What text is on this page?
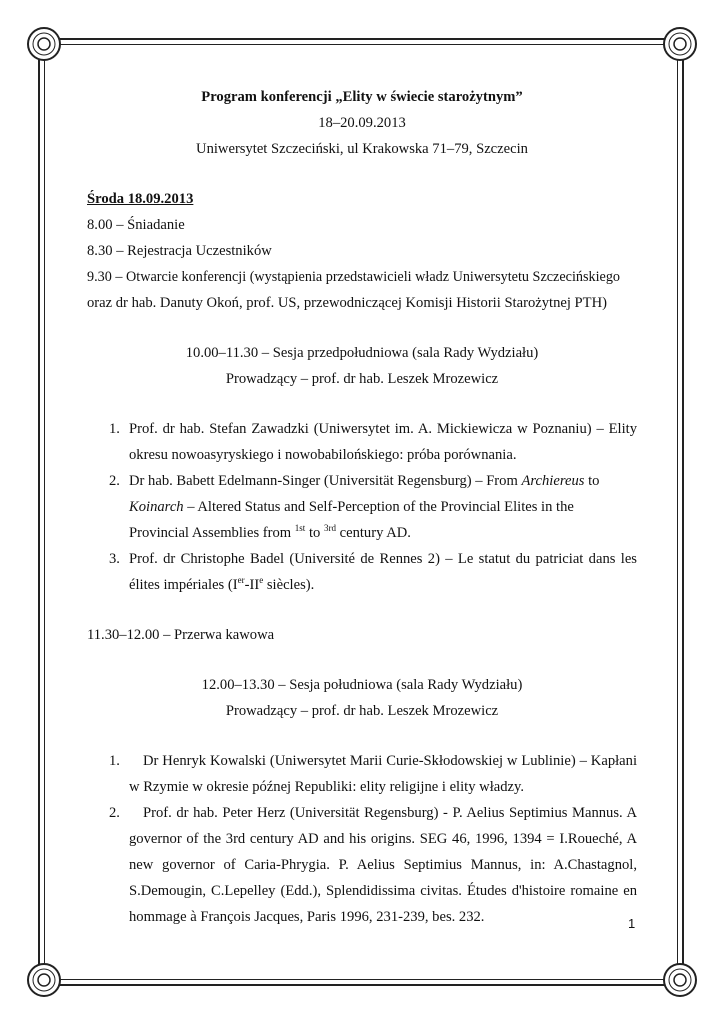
Program konferencji „Elity w świecie starożytnym”

18–20.09.2013

Uniwersytet Szczeciński, ul Krakowska 71–79, Szczecin

Środa 18.09.2013

8.00 – Śniadanie

8.30 – Rejestracja Uczestników

9.30 – Otwarcie konferencji (wystąpienia przedstawicieli władz Uniwersytetu Szczecińskiego

oraz dr hab. Danuty Okoń, prof. US, przewodniczącej Komisji Historii Starożytnej PTH)

10.00–11.30 – Sesja przedpołudniowa (sala Rady Wydziału)

Prowadzący – prof. dr hab. Leszek Mrozewicz

1. Prof. dr hab. Stefan Zawadzki (Uniwersytet im. A. Mickiewicza w Poznaniu) – Elity okresu nowoasyryskiego i nowobabilońskiego: próba porównania.
2. Dr hab. Babett Edelmann-Singer (Universität Regensburg) – From Archiereus to Koinarch – Altered Status and Self-Perception of the Provincial Elites in the Provincial Assemblies from $^{1st}$ to $^{3rd}$ century AD.
3. Prof. dr Christophe Badel (Université de Rennes 2) – Le statut du patriciat dans les élites impériales (Ier-IIe siècles).

11.30–12.00 – Przerwa kawowa

12.00–13.30 – Sesja południowa (sala Rady Wydziału)

Prowadzący – prof. dr hab. Leszek Mrozewicz

1.	Dr Henryk Kowalski (Uniwersytet Marii Curie-Skłodowskiej w Lublinie) – Kapłani w Rzymie w okresie późnej Republiki: elity religijne i elity władzy.
2.	Prof. dr hab. Peter Herz (Universität Regensburg) - P. Aelius Septimius Mannus. A governor of the 3rd century AD and his origins. SEG 46, 1996, 1394 = I.Roueché, A new governor of Caria-Phrygia. P. Aelius Septimius Mannus, in: A.Chastagnol, S.Demougin, C.Lepelley (Edd.), Splendidissima civitas. Études d'histoire romaine en hommage à François Jacques, Paris 1996, 231-239, bes. 232.	1
